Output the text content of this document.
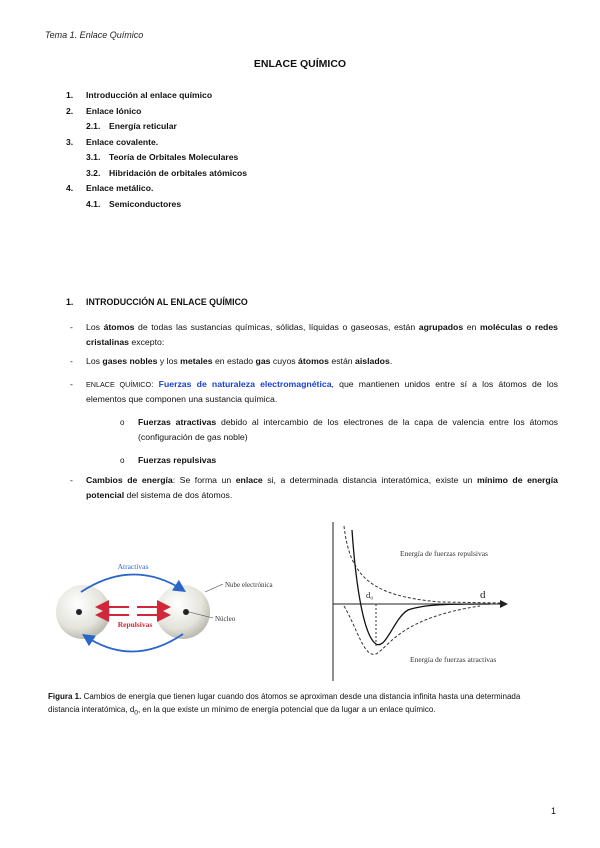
Tema 1. Enlace Químico
ENLACE QUÍMICO
1.	Introducción al enlace químico
2.	Enlace Iónico
2.1.	Energía reticular
3.	Enlace covalente.
3.1.	Teoría de Orbitales Moleculares
3.2.	Hibridación de orbitales atómicos
4.	Enlace metálico.
4.1.	Semiconductores
1. INTRODUCCIÓN AL ENLACE QUÍMICO
- Los átomos de todas las sustancias químicas, sólidas, líquidas o gaseosas, están agrupados en moléculas o redes cristalinas excepto:
- Los gases nobles y los metales en estado gas cuyos átomos están aislados.
- ENLACE QUÍMICO: Fuerzas de naturaleza electromagnética, que mantienen unidos entre sí a los átomos de los elementos que componen una sustancia química.
o Fuerzas atractivas debido al intercambio de los electrones de la capa de valencia entre los átomos (configuración de gas noble)
o Fuerzas repulsivas
- Cambios de energía: Se forma un enlace si, a determinada distancia interatómica, existe un mínimo de energía potencial del sistema de dos átomos.
Atractivas
Repulsivas
Nube electrónica
Núcleo
d₀	d
Energía de fuerzas repulsivas
Energía de fuerzas atractivas
Figura 1. Cambios de energía que tienen lugar cuando dos átomos se aproximan desde una distancia infinita hasta una determinada distancia interatómica, $d_0$, en la que existe un mínimo de energía potencial que da lugar a un enlace químico.
1
